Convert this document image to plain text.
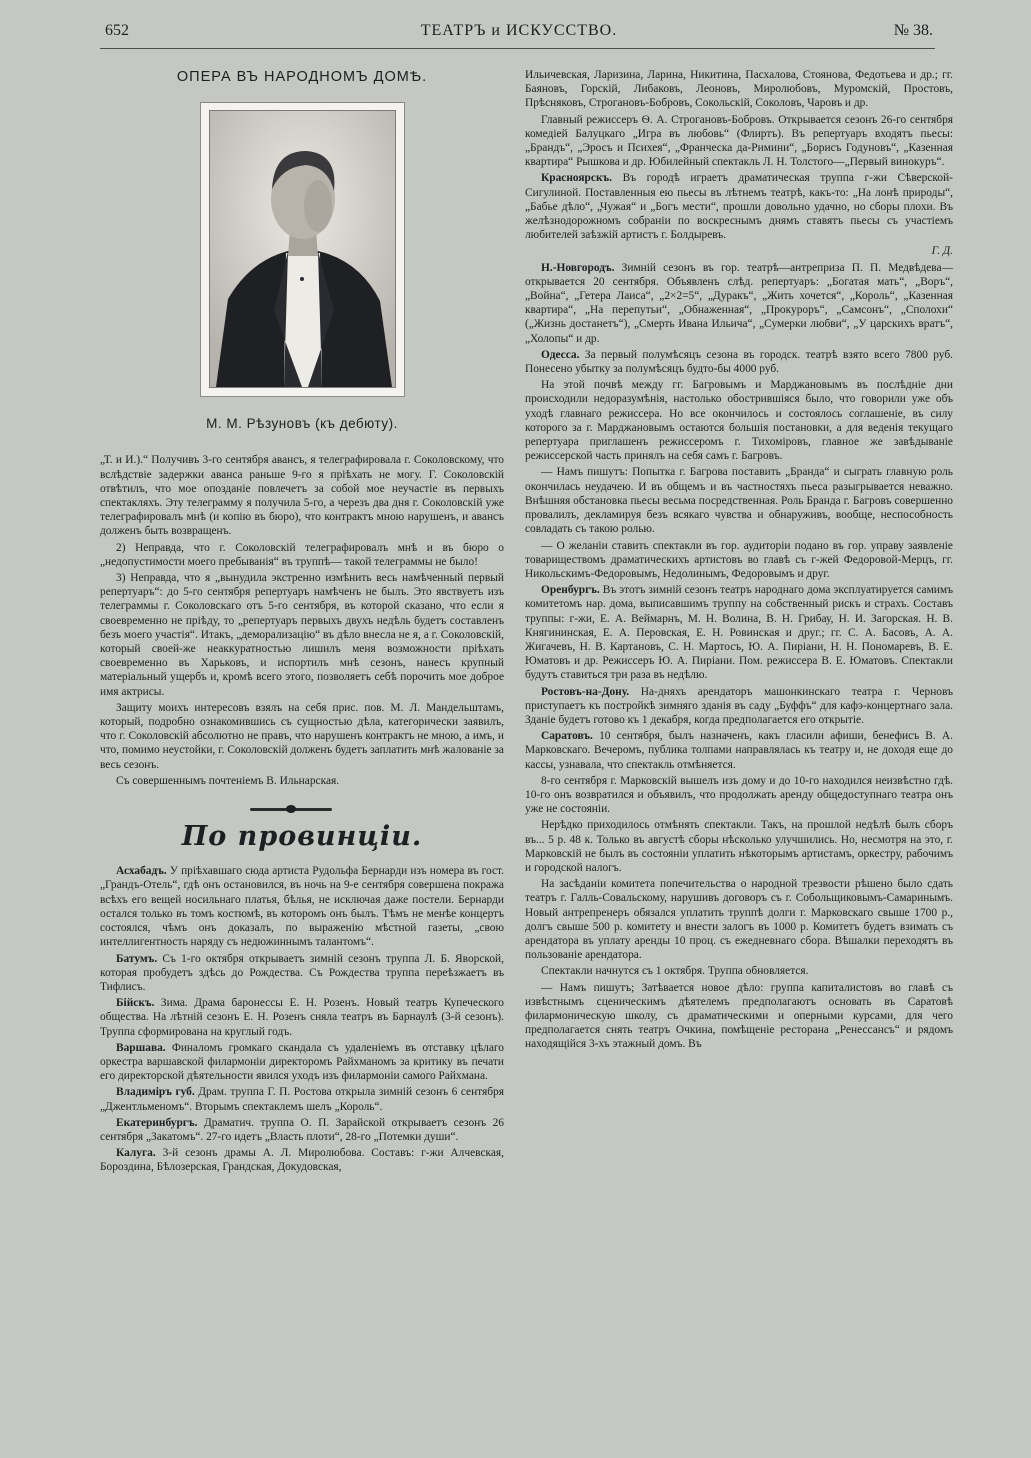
652	ТЕАТРЪ и ИСКУССТВО.	№ 38.
ОПЕРА ВЪ НАРОДНОМЪ ДОМѢ.
М. М. Рѣзуновъ (къ дебюту).

„Т. и И.).“ Получивъ 3-го сентября авансъ, я телеграфировала г. Соколовскому, что вслѣдствіе задержки аванса раньше 9-го я пріѣхать не могу. Г. Соколовскій отвѣтилъ, что мое опозданіе повлечетъ за собой мое неучастіе въ первыхъ спектакляхъ. Эту телеграмму я получила 5-го, а черезъ два дня г. Соколовскій уже телеграфировалъ мнѣ (и копію въ бюро), что контрактъ мною нарушенъ, и авансъ долженъ быть возвращенъ.

2) Неправда, что г. Соколовскій телеграфировалъ мнѣ и въ бюро о „недопустимости моего пребыванія“ въ труппѣ— такой телеграммы не было!

3) Неправда, что я „вынудила экстренно измѣнить весь намѣченный первый репертуаръ“: до 5-го сентября репертуаръ намѣченъ не былъ. Это явствуетъ изъ телеграммы г. Соколовскаго отъ 5-го сентября, въ которой сказано, что если я своевременно не пріѣду, то „репертуаръ первыхъ двухъ недѣль будетъ составленъ безъ моего участія“. Итакъ, „деморализацію“ въ дѣло внесла не я, а г. Соколовскій, который своей-же неаккуратностью лишилъ меня возможности пріѣхать своевременно въ Харьковъ, и испортилъ мнѣ сезонъ, нанесъ крупный матеріальный ущербъ и, кромѣ всего этого, позволяетъ себѣ порочить мое доброе имя актрисы.

Защиту моихъ интересовъ взялъ на себя прис. пов. М. Л. Мандельштамъ, который, подробно ознакомившись съ сущностью дѣла, категорически заявилъ, что г. Соколовскій абсолютно не правъ, что нарушенъ контрактъ не мною, а имъ, и что, помимо неустойки, г. Соколовскій долженъ будетъ заплатить мнѣ жалованіе за весь сезонъ.

Съ совершеннымъ почтеніемъ В. Ильнарская.

По провинціи.

Асхабадъ. У пріѣхавшаго сюда артиста Рудольфа Бернарди изъ номера въ гост. „Грандъ-Отель“, гдѣ онъ остановился, въ ночь на 9-е сентября совершена покража всѣхъ его вещей носильнаго платья, бѣлья, не исключая даже постели. Бернарди остался только въ томъ костюмѣ, въ которомъ онъ былъ. Тѣмъ не менѣе концертъ состоялся, чѣмъ онъ доказалъ, по выраженію мѣстной газеты, „свою интеллигентность наряду съ недюжиннымъ талантомъ“.

Батумъ. Съ 1-го октября открываетъ зимній сезонъ труппа Л. Б. Яворской, которая пробудетъ здѣсь до Рождества. Съ Рождества труппа переѣзжаетъ въ Тифлисъ.

Бійскъ. Зима. Драма баронессы Е. Н. Розенъ. Новый театръ Купеческого общества. На лѣтній сезонъ Е. Н. Розенъ сняла театръ въ Барнаулѣ (3-й сезонъ). Труппа сформирована на круглый годъ.

Варшава. Финаломъ громкаго скандала съ удаленіемъ въ отставку цѣлаго оркестра варшавской филармоніи директоромъ Райхманомъ за критику въ печати его директорской дѣятельности явился уходъ изъ филармоніи самого Райхмана.

Владиміръ губ. Драм. труппа Г. П. Ростова открыла зимній сезонъ 6 сентября „Джентльменомъ“. Вторымъ спектаклемъ шелъ „Король“.

Екатеринбургъ. Драматич. труппа О. П. Зарайской открываетъ сезонъ 26 сентября „Закатомъ“. 27-го идетъ „Власть плоти“, 28-го „Потемки души“.

Калуга. 3-й сезонъ драмы А. Л. Миролюбова. Составъ: г-жи Алчевская, Бороздина, Бѣлозерская, Грандская, Докудовская,

Ильичевская, Ларизина, Ларина, Никитина, Пасхалова, Стояновa, Федотьева и др.; гг. Баяновъ, Горскій, Либаковъ, Леоновъ, Миролюбовъ, Муромскій, Простовъ, Прѣсняковъ, Строгановъ-Бобровъ, Сокольскій, Соколовъ, Чаровъ и др.

Главный режиссеръ Ѳ. А. Строгановъ-Бобровъ. Открывается сезонъ 26-го сентября комедіей Балуцкаго „Игра въ любовь“ (Флиртъ). Въ репертуаръ входятъ пьесы: „Брандъ“, „Эросъ и Психея“, „Франческа да-Римини“, „Борисъ Годуновъ“, „Казенная квартира“ Рышкова и др. Юбилейный спектакль Л. Н. Толстого—„Первый винокуръ“.

Красноярскъ. Въ городѣ играетъ драматическая труппа г-жи Сѣверской-Сигулиной. Поставленныя ею пьесы въ лѣтнемъ театрѣ, какъ-то: „На лонѣ природы“, „Бабье дѣло“, „Чужая“ и „Богъ мести“, прошли довольно удачно, но сборы плохи. Въ желѣзнодорожномъ собраніи по воскреснымъ днямъ ставятъ пьесы съ участіемъ любителей заѣзжій артистъ г. Болдыревъ.

Г. Д.

Н.-Новгородъ. Зимній сезонъ въ гор. театрѣ—антреприза П. П. Медвѣдева—открывается 20 сентября. Объявленъ слѣд. репертуаръ: „Богатая мать“, „Воръ“, „Война“, „Гетера Лаиса“, „2×2=5“, „Дуракъ“, „Жить хочется“, „Король“, „Казенная квартира“, „На перепутьи“, „Обнаженная“, „Прокуроръ“, „Самсонъ“, „Сполохи“ („Жизнь достанетъ“), „Смерть Ивана Ильича“, „Сумерки любви“, „У царскихъ вратъ“, „Холопы“ и др.

Одесса. За первый полумѣсяцъ сезона въ городск. театрѣ взято всего 7800 руб. Понесено убытку за полумѣсяцъ будто-бы 4000 руб.

На этой почвѣ между гг. Багровымъ и Марджановымъ въ послѣдніе дни происходили недоразумѣнія, настолько обострившіяся было, что говорили уже объ уходѣ главнаго режиссера. Но все окончилось и состоялось соглашеніе, въ силу которого за г. Марджановымъ остаются большія постановки, а для веденія текущаго репертуара приглашенъ режиссеромъ г. Тихоміровъ, главное же завѣдываніе режиссерской часть принялъ на себя самъ г. Багровъ.

— Намъ пишутъ: Попытка г. Багрова поставить „Бранда“ и сыграть главную роль окончилась неудачею. И въ общемъ и въ частностяхъ пьеса разыгрывается неважно. Внѣшняя обстановка пьесы весьма посредственная. Роль Бранда г. Багровъ совершенно провалилъ, декламируя безъ всякаго чувства и обнаруживъ, вообще, неспособность совладать съ такою ролью.

— О желаніи ставить спектакли въ гор. аудиторіи подано въ гор. управу заявленіе товариществомъ драматическихъ артистовъ во главѣ съ г-жей Федоровой-Мерцъ, гг. Никольскимъ-Федоровымъ, Недолинымъ, Федоровымъ и друг.

Оренбургъ. Въ этотъ зимній сезонъ театръ народнаго дома эксплуатируется самимъ комитетомъ нар. дома, выписавшимъ труппу на собственный рискъ и страхъ. Составъ труппы: г-жи, Е. А. Веймарнъ, М. Н. Волина, В. Н. Грибау, Н. И. Загорская. Н. В. Княгининская, Е. А. Перовская, Е. Н. Ровинская и друг.; гг. С. А. Басовъ, А. А. Жигачевъ, Н. В. Картановъ, С. Н. Мартосъ, Ю. А. Пиріани, Н. Н. Пономаревъ, В. Е. Юматовъ и др. Режиссеръ Ю. А. Пиріани. Пом. режиссера В. Е. Юматовъ. Спектакли будутъ ставиться три раза въ недѣлю.

Ростовъ-на-Дону. На-дняхъ арендаторъ машонкинскаго театра г. Черновъ приступаетъ къ постройкѣ зимняго зданія въ саду „Буффъ“ для кафэ-концертнаго зала. Зданіе будетъ готово къ 1 декабря, когда предполагается его открытіе.

Саратовъ. 10 сентября, былъ назначенъ, какъ гласили афиши, бенефисъ В. А. Марковскаго. Вечеромъ, публика толпами направлялась къ театру и, не доходя еще до кассы, узнавала, что спектакль отмѣняется.

8-го сентября г. Марковскій вышелъ изъ дому и до 10-го находился неизвѣстно гдѣ. 10-го онъ возвратился и объявилъ, что продолжать аренду общедоступнаго театра онъ уже не состояніи.

Нерѣдко приходилось отмѣнять спектакли. Такъ, на прошлой недѣлѣ былъ сборъ въ... 5 р. 48 к. Только въ августѣ сборы нѣсколько улучшились. Но, несмотря на это, г. Марковскій не былъ въ состояніи уплатить нѣкоторымъ артистамъ, оркестру, рабочимъ и городской налогъ.

На засѣданіи комитета попечительства о народной трезвости рѣшено было сдать театръ г. Галль-Совальскому, нарушивъ договоръ съ г. Собольщиковымъ-Самаринымъ. Новый антрепренеръ обязался уплатить труппѣ долги г. Марковскаго свыше 1700 р., долгъ свыше 500 р. комитету и внести залогъ въ 1000 р. Комитетъ будетъ взимать съ арендатора въ уплату аренды 10 проц. съ ежедневнаго сбора. Вѣшалки переходятъ въ пользованіе арендатора.

Спектакли начнутся съ 1 октября. Труппа обновляется.

— Намъ пишутъ; Затѣвается новое дѣло: группа капиталистовъ во главѣ съ извѣстнымъ сценическимъ дѣятелемъ предполагаютъ основать въ Саратовѣ филармоническую школу, съ драматическими и оперными курсами, для чего предполагается снять театръ Очкина, помѣщеніе ресторана „Ренессансъ“ и рядомъ находящійся 3-хъ этажный домъ. Въ
